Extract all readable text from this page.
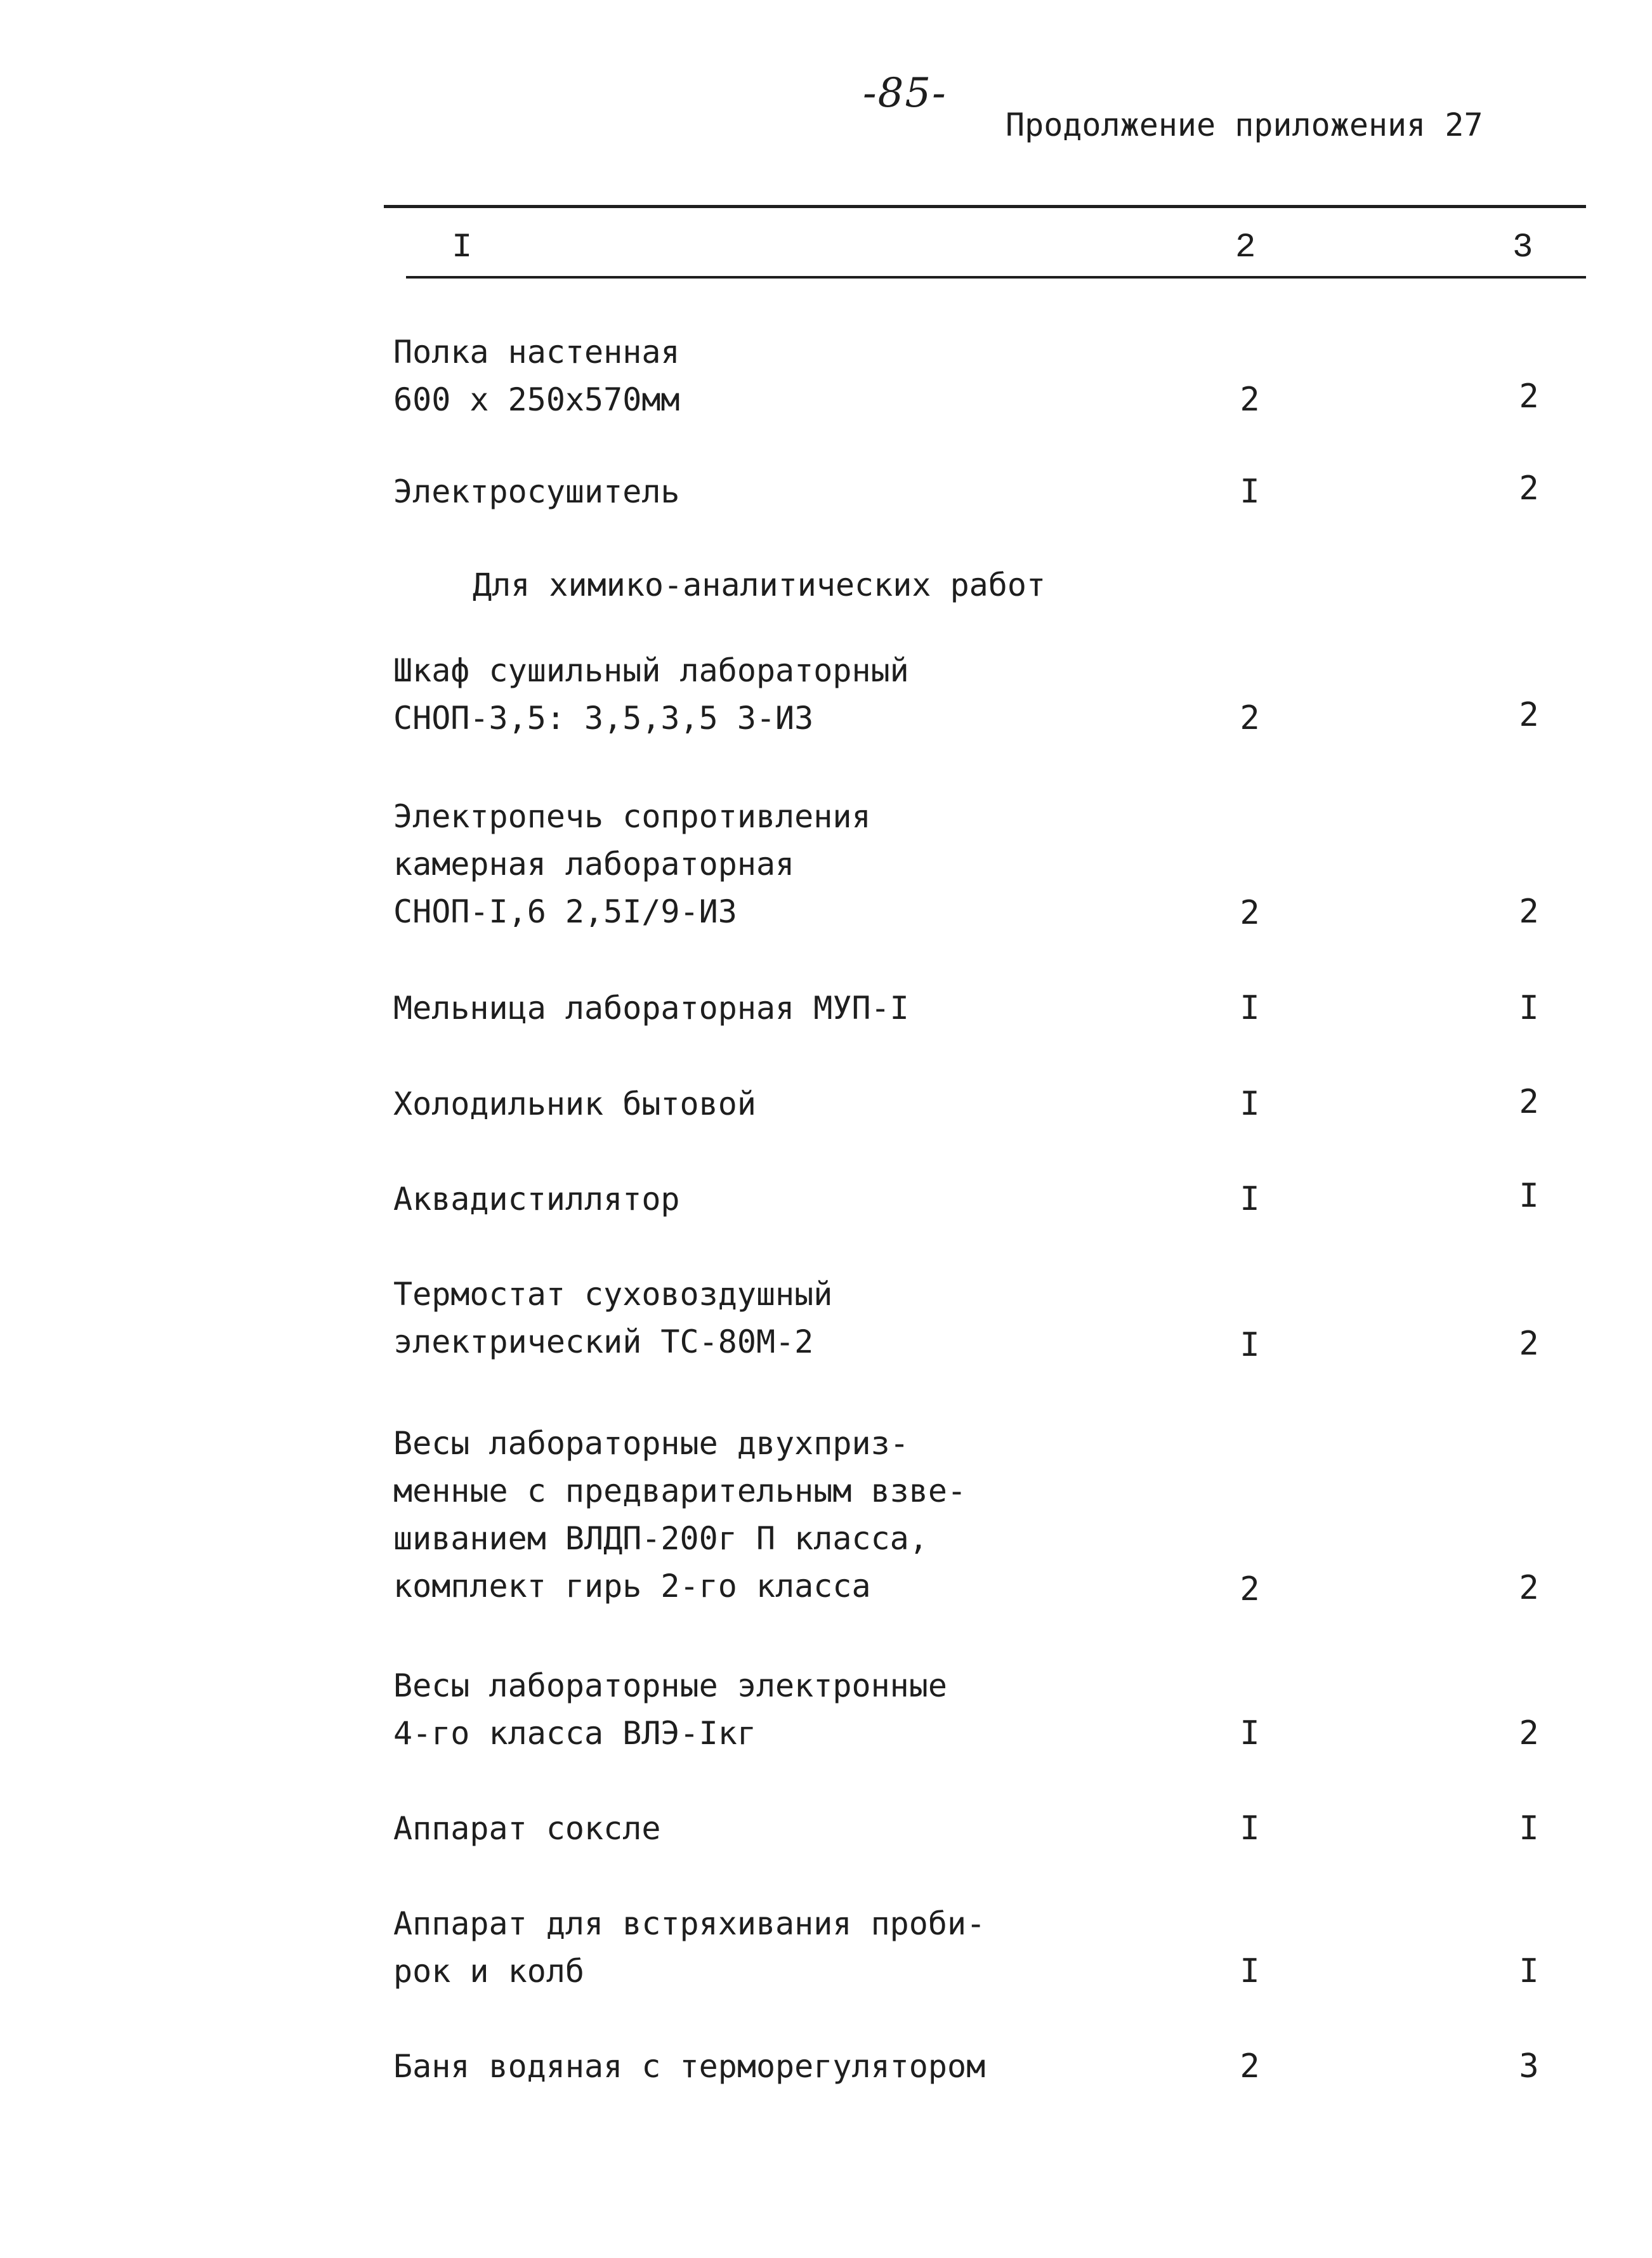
-85-
Продолжение приложения 27
I	2	3
Для химико-аналитических работ
Полка настенная
600 х 250х570мм	2	2
Электросушитель	I	2
Шкаф сушильный лабораторный
СНОП-3,5: 3,5,3,5 3-ИЗ	2	2
Электропечь сопротивления
камерная лабораторная
СНОП-I,6 2,5I/9-ИЗ	2	2
Мельница лабораторная МУП-I	I	I
Холодильник бытовой	I	2
Аквадистиллятор	I	I
Термостат суховоздушный
электрический ТС-80М-2	I	2
Весы лабораторные двухприз-
менные с предварительным взве-
шиванием ВЛДП-200г П класса,
комплект гирь 2-го класса	2	2
Весы лабораторные электронные
4-го класса ВЛЭ-Iкг	I	2
Аппарат соксле	I	I
Аппарат для встряхивания проби-
рок и колб	I	I
Баня водяная с терморегулятором	2	3
